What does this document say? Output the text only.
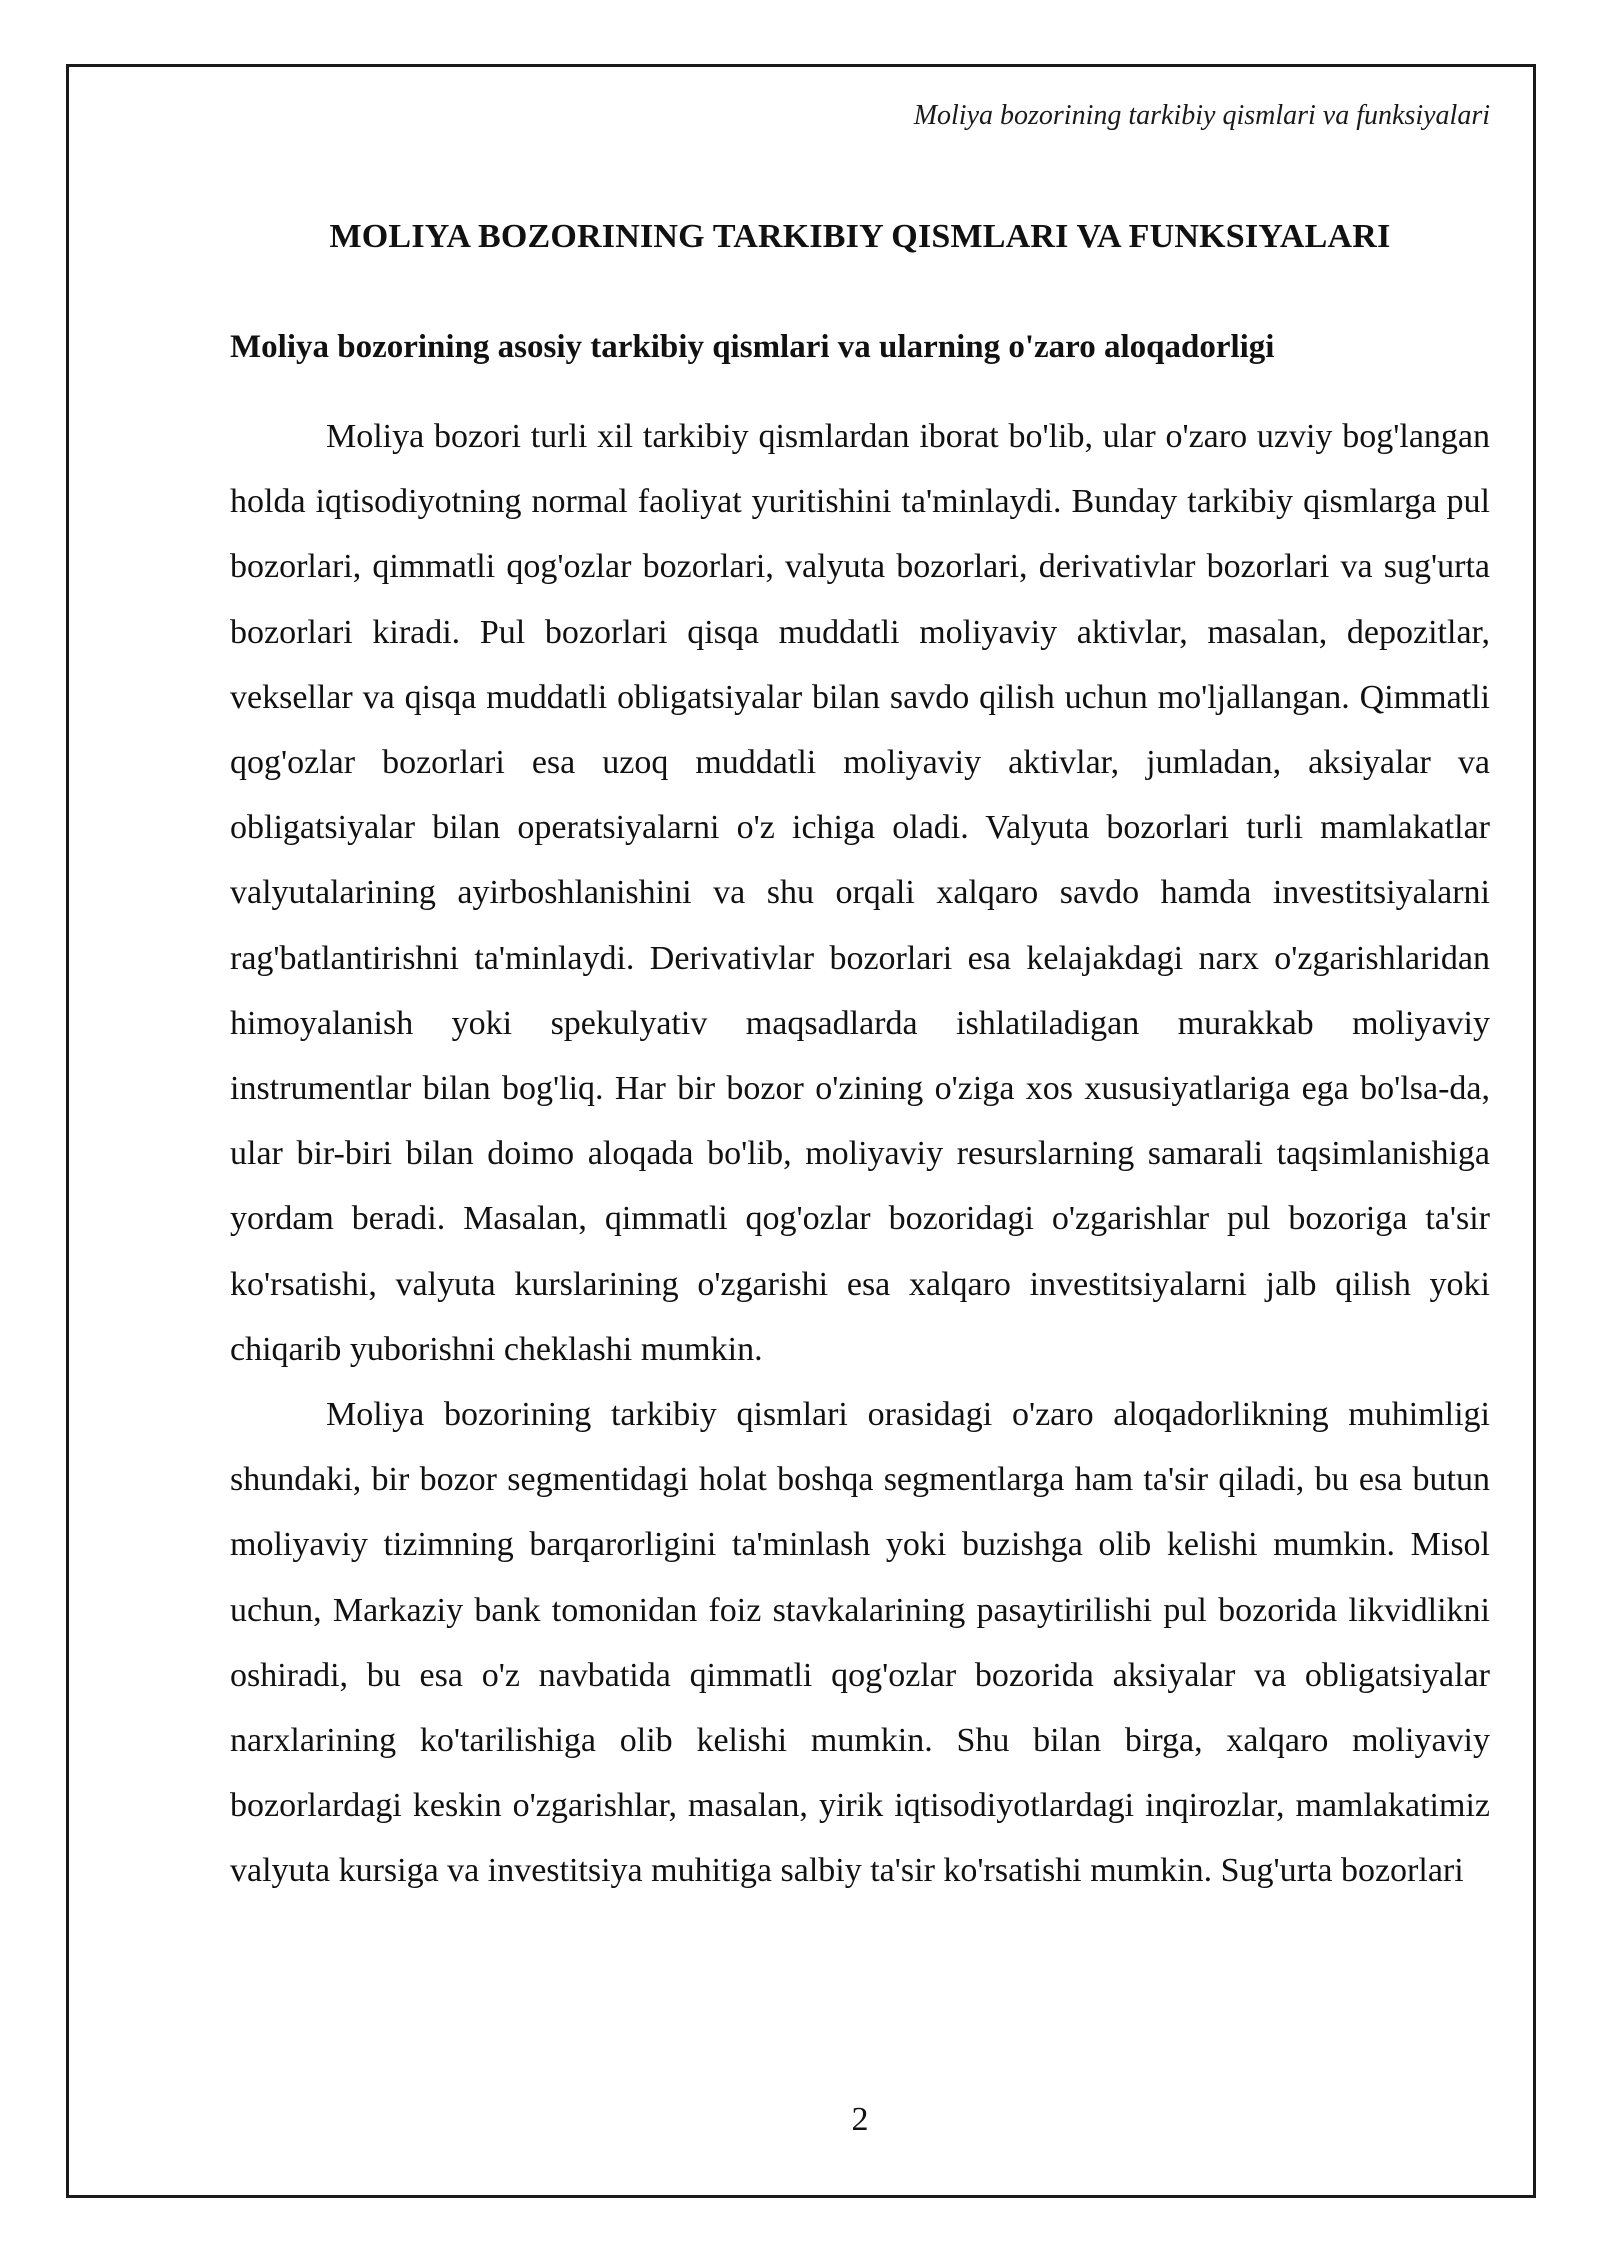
Moliya bozorining tarkibiy qismlari va funksiyalari
MOLIYA BOZORINING TARKIBIY QISMLARI VA FUNKSIYALARI
Moliya bozorining asosiy tarkibiy qismlari va ularning o'zaro aloqadorligi

Moliya bozori turli xil tarkibiy qismlardan iborat bo'lib, ular o'zaro uzviy bog'langan holda iqtisodiyotning normal faoliyat yuritishini ta'minlaydi. Bunday tarkibiy qismlarga pul bozorlari, qimmatli qog'ozlar bozorlari, valyuta bozorlari, derivativlar bozorlari va sug'urta bozorlari kiradi. Pul bozorlari qisqa muddatli moliyaviy aktivlar, masalan, depozitlar, veksellar va qisqa muddatli obligatsiyalar bilan savdo qilish uchun mo'ljallangan. Qimmatli qog'ozlar bozorlari esa uzoq muddatli moliyaviy aktivlar, jumladan, aksiyalar va obligatsiyalar bilan operatsiyalarni o'z ichiga oladi. Valyuta bozorlari turli mamlakatlar valyutalarining ayirboshlanishini va shu orqali xalqaro savdo hamda investitsiyalarni rag'batlantirishni ta'minlaydi. Derivativlar bozorlari esa kelajakdagi narx o'zgarishlaridan himoyalanish yoki spekulyativ maqsadlarda ishlatiladigan murakkab moliyaviy instrumentlar bilan bog'liq. Har bir bozor o'zining o'ziga xos xususiyatlariga ega bo'lsa-da, ular bir-biri bilan doimo aloqada bo'lib, moliyaviy resurslarning samarali taqsimlanishiga yordam beradi. Masalan, qimmatli qog'ozlar bozoridagi o'zgarishlar pul bozoriga ta'sir ko'rsatishi, valyuta kurslarining o'zgarishi esa xalqaro investitsiyalarni jalb qilish yoki chiqarib yuborishni cheklashi mumkin.

Moliya bozorining tarkibiy qismlari orasidagi o'zaro aloqadorlikning muhimligi shundaki, bir bozor segmentidagi holat boshqa segmentlarga ham ta'sir qiladi, bu esa butun moliyaviy tizimning barqarorligini ta'minlash yoki buzishga olib kelishi mumkin. Misol uchun, Markaziy bank tomonidan foiz stavkalarining pasaytirilishi pul bozorida likvidlikni oshiradi, bu esa o'z navbatida qimmatli qog'ozlar bozorida aksiyalar va obligatsiyalar narxlarining ko'tarilishiga olib kelishi mumkin. Shu bilan birga, xalqaro moliyaviy bozorlardagi keskin o'zgarishlar, masalan, yirik iqtisodiyotlardagi inqirozlar, mamlakatimiz valyuta kursiga va investitsiya muhitiga salbiy ta'sir ko'rsatishi mumkin. Sug'urta bozorlari

2
